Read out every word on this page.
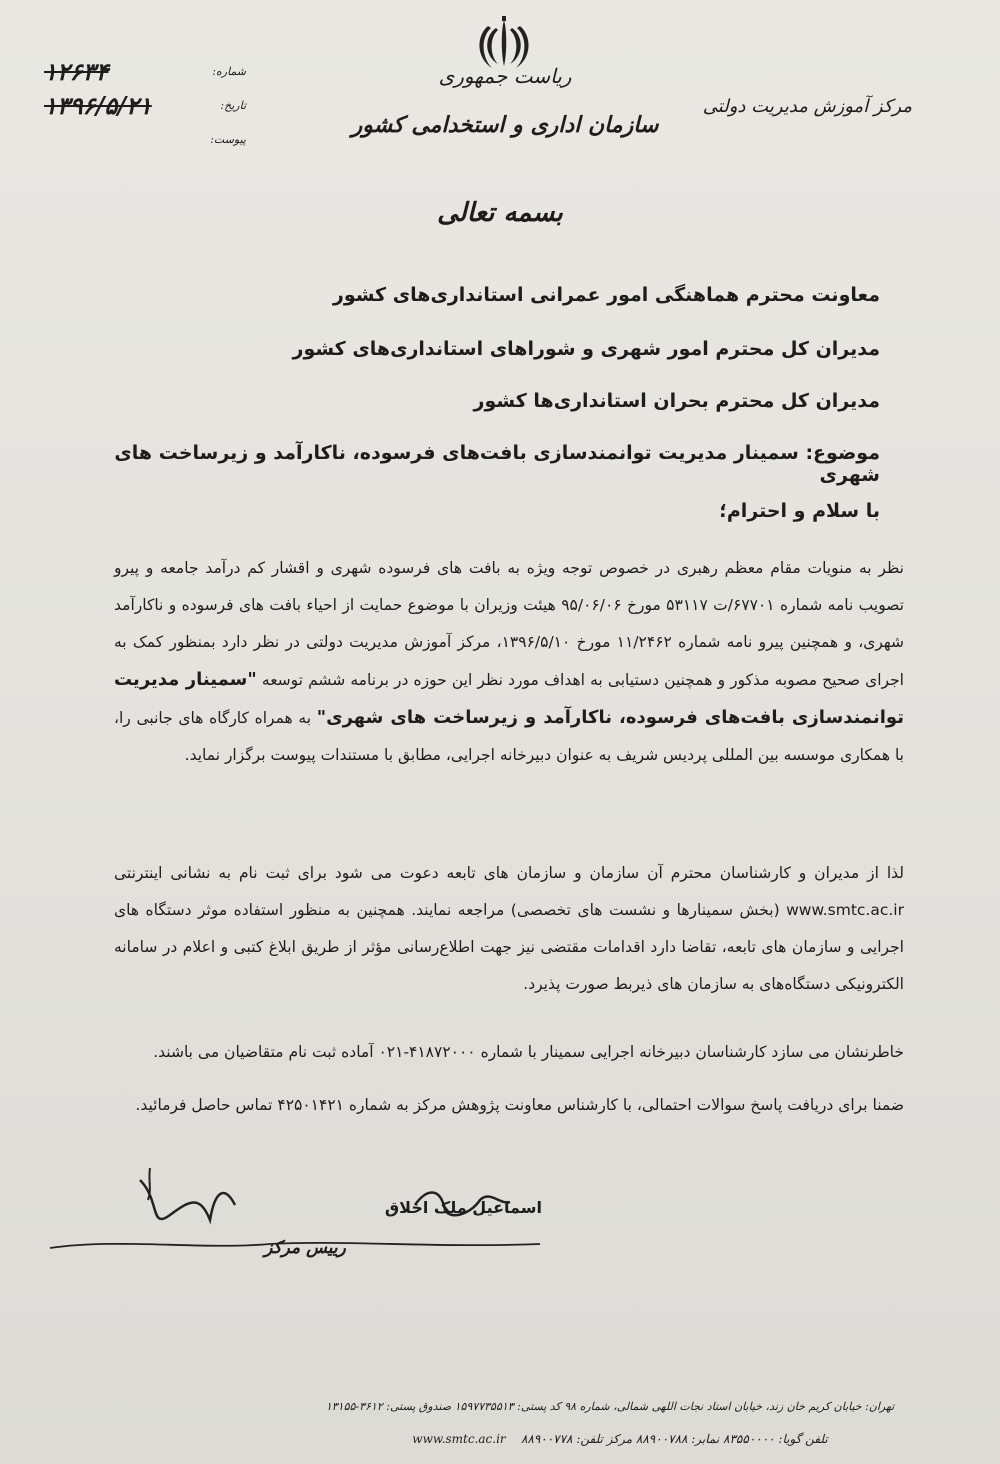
ریاست جمهوری
سازمان اداری و استخدامی کشور
مرکز آموزش مدیریت دولتی
۱۲۶۳۴	شماره:
۱۳۹۶/۵/۲۱	تاریخ:
پیوست:
بسمه تعالی
معاونت محترم هماهنگی امور عمرانی استانداری‌های کشور
مدیران کل محترم امور شهری و شوراهای استانداری‌های کشور
مدیران کل محترم بحران استانداری‌ها کشور
موضوع: سمینار مدیریت توانمندسازی بافت‌های فرسوده، ناکارآمد و زیرساخت های شهری
با سلام و احترام؛
نظر به منویات مقام معظم رهبری در خصوص توجه ویژه به بافت های فرسوده شهری و اقشار کم درآمد جامعه و پیرو تصویب نامه شماره ۶۷۷۰۱/ت ۵۳۱۱۷ مورخ ۹۵/۰۶/۰۶ هیئت وزیران با موضوع حمایت از احیاء بافت های فرسوده و ناکارآمد شهری، و همچنین پیرو نامه شماره ۱۱/۲۴۶۲ مورخ ۱۳۹۶/۵/۱۰، مرکز آموزش مدیریت دولتی در نظر دارد بمنظور کمک به اجرای صحیح مصوبه مذکور و همچنین دستیابی به اهداف مورد نظر این حوزه در برنامه ششم توسعه "سمینار مدیریت توانمندسازی بافت‌های فرسوده، ناکارآمد و زیرساخت های شهری" به همراه کارگاه های جانبی را، با همکاری موسسه بین المللی پردیس شریف به عنوان دبیرخانه اجرایی، مطابق با مستندات پیوست برگزار نماید.
لذا از مدیران و کارشناسان محترم آن سازمان و سازمان های تابعه دعوت می شود برای ثبت نام به نشانی اینترنتی www.smtc.ac.ir (بخش سمینارها و نشست های تخصصی) مراجعه نمایند. همچنین به منظور استفاده موثر دستگاه های اجرایی و سازمان های تابعه، تقاضا دارد اقدامات مقتضی نیز جهت اطلاع‌رسانی مؤثر از طریق ابلاغ کتبی و اعلام در سامانه الکترونیکی دستگاه‌های به سازمان های ذیربط صورت پذیرد.
خاطرنشان می سازد کارشناسان دبیرخانه اجرایی سمینار با شماره ۴۱۸۷۲۰۰۰-۰۲۱ آماده ثبت نام متقاضیان می باشند.
ضمنا برای دریافت پاسخ سوالات احتمالی، با کارشناس معاونت پژوهش مرکز به شماره ۴۲۵۰۱۴۲۱ تماس حاصل فرمائید.
اسماعیل ملک اخلاق
رییس مرکز
تهران: خیابان کریم خان زند، خیابان استاد نجات اللهی شمالی، شماره ۹۸ کد پستی: ۱۵۹۷۷۳۵۵۱۳ صندوق پستی: ۳۶۱۲-۱۳۱۵۵
www.smtc.ac.ir تلفن گویا: ۸۳۵۵۰۰۰۰ نمابر: ۸۸۹۰۰۷۸۸ مرکز تلفن: ۸۸۹۰۰۷۷۸
